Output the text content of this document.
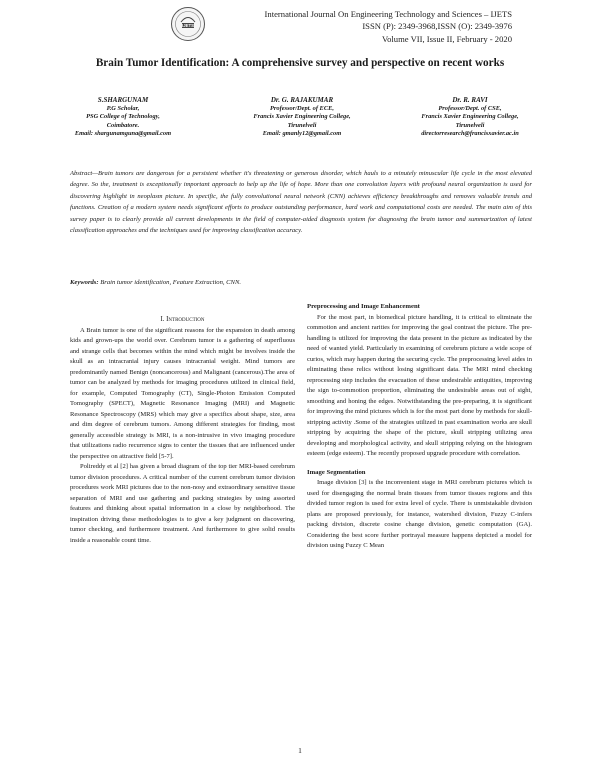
IJETS
International Journal On Engineering Technology and Sciences – IJETS
ISSN (P): 2349-3968,ISSN (O): 2349-3976
Volume VII, Issue II, February - 2020
Brain Tumor Identification: A comprehensive survey and perspective on recent works
S.SHARGUNAM
P.G Scholar,
PSG College of Technology,
Coimbatore.
Email: shargunamguna@gmail.com
Dr. G. RAJAKUMAR
Professor/Dept. of ECE,
Francis Xavier Engineering College,
Tirunelveli
Email: gmanly12@gmail.com
Dr. R. RAVI
Professor/Dept. of CSE,
Francis Xavier Engineering College,
Tirunelveli
directorresearch@francisxavier.ac.in
Abstract—Brain tumors are dangerous for a persistent whether it's threatening or generous disorder, which hauls to a minutely minuscular life cycle in the most elevated degree. So the, treatment is exceptionally important approach to help up the life of hope. More than one convolution layers with profound neural organization is used for discovering highlight in neoplasm picture. In specific, the fully convolutional neural network (CNN) achieves efficiency breakthroughs and removes valuable trends and functions. Creation of a modern system needs significant efforts to produce outstanding performance, hard work and computational costs are needed. The main aim of this survey paper is to clearly provide all current developments in the field of computer-aided diagnosis system for diagnosing the brain tumor and summarization of latest classification approaches and the techniques used for improving classification accuracy.
Keywords: Brain tumor identification, Feature Extraction, CNN.

I. Introduction

A Brain tumor is one of the significant reasons for the expansion in death among kids and grown-ups the world over. Cerebrum tumor is a gathering of superfluous and strange cells that becomes within the mind which might be involves inside the skull as an intracranial injury causes intracranial weight. Mind tumors are predominantly named Benign (noncancerous) and Malignant (cancerous).The area of tumor can be analyzed by methods for imaging procedures utilized in clinical field, for example, Computed Tomography (CT), Single-Photon Emission Computed Tomography (SPECT), Magnetic Resonance Imaging (MRI) and Magnetic Resonance Spectroscopy (MRS) which may give a specifics about shape, size, area and dim degree of cerebrum tumors. Among different strategies for finding, most generally accessible strategy is MRI, is a non-intrusive in vivo imaging procedure that utilizations radio recurrence signs to center the tissues that are influenced under the perspective on attractive field [5-7].

Polireddy et al [2] has given a broad diagram of the top tier MRI-based cerebrum tumor division procedures. A critical number of the current cerebrum tumor division procedures work MRI pictures due to the non-nosy and extraordinary sensitive tissue separation of MRI and use gathering and packing strategies by using assorted features and thinking about spatial information in a close by neighborhood. The inspiration driving these methodologies is to give a key judgment on discovering, tumor checking, and furthermore treatment. And furthermore to give solid results inside a reasonable count time.

Preprocessing and Image Enhancement

For the most part, in biomedical picture handling, it is critical to eliminate the commotion and ancient rarities for improving the goal contrast the picture. The pre-handling is utilized for improving the data present in the picture as indicated by the need of wanted yield. Particularly in examining of cerebrum picture a wide scope of curios, which may happen during the securing cycle. The preprocessing level aides in eliminating these relics without losing significant data. The MRI mind checking reprocessing step includes the evacuation of these undesirable antiquities, improving the sign to-commotion proportion, eliminating the undesirable areas out of sight, smoothing and honing the edges. Notwithstanding the pre-preparing, it is significant for improving the mind pictures which is for the most part done by methods for skull-stripping activity .Some of the strategies utilized in past examination works are skull stripping by acquiring the shape of the picture, skull stripping utilizing area developing and morphological activity, and skull stripping relying on the histogram esteem (edge esteem). The recently proposed upgrade procedure with correlation.

Image Segmentation

Image division [3] is the inconvenient stage in MRI cerebrum pictures which is used for disengaging the normal brain tissues from tumor tissues regions and this divided tumor region is used for extra level of cycle. There is unmistakable division plans are proposed previously, for instance, watershed division, Fuzzy C-infers packing division, discrete cosine change division, genetic computation (GA). Considering the best score further portrayal measure happens depicted a model for division using Fuzzy C Mean

1
